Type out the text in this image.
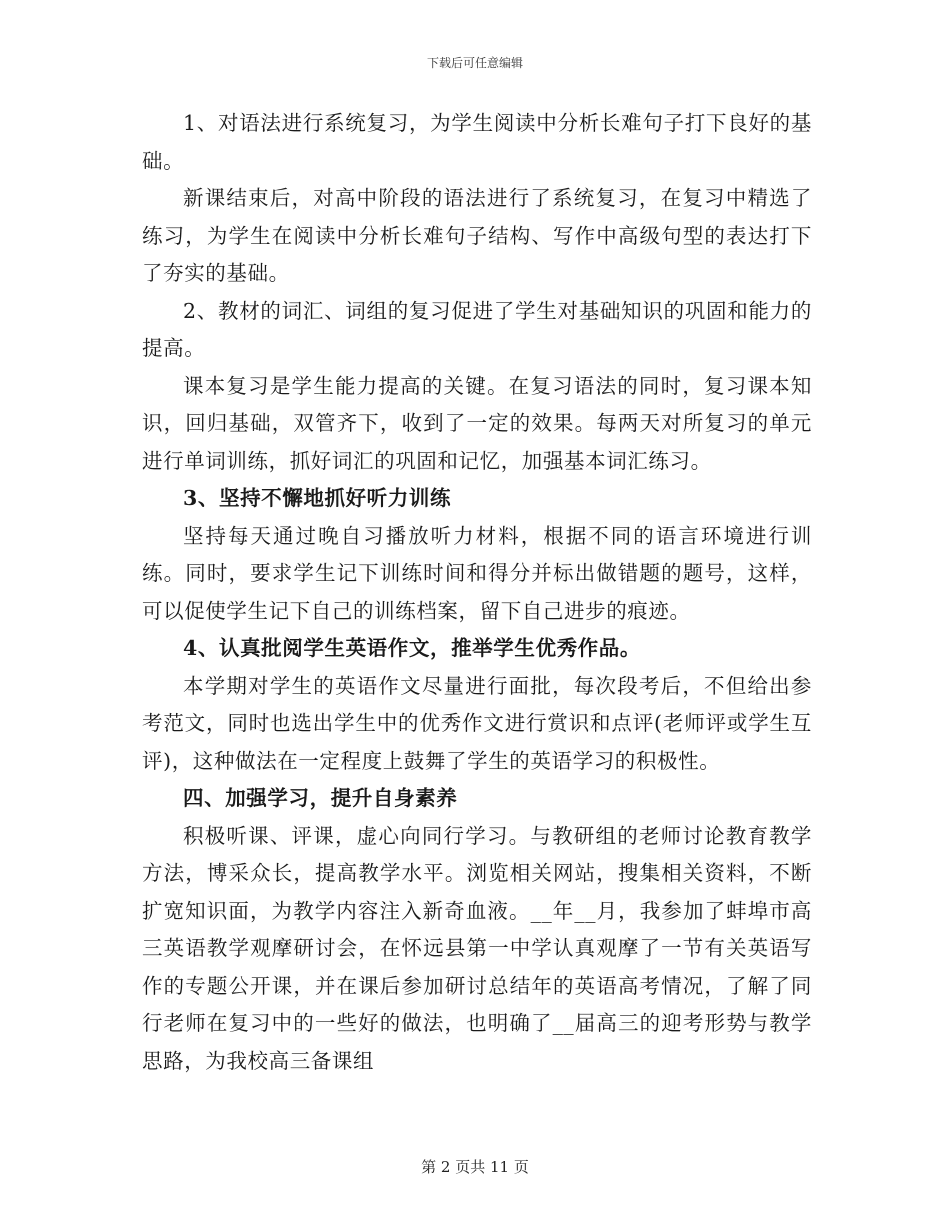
下载后可任意编辑

1、对语法进行系统复习，为学生阅读中分析长难句子打下良好的基础。

新课结束后，对高中阶段的语法进行了系统复习，在复习中精选了练习，为学生在阅读中分析长难句子结构、写作中高级句型的表达打下了夯实的基础。

2、教材的词汇、词组的复习促进了学生对基础知识的巩固和能力的提高。

课本复习是学生能力提高的关键。在复习语法的同时，复习课本知识，回归基础，双管齐下，收到了一定的效果。每两天对所复习的单元进行单词训练，抓好词汇的巩固和记忆，加强基本词汇练习。

3、坚持不懈地抓好听力训练

坚持每天通过晚自习播放听力材料，根据不同的语言环境进行训练。同时，要求学生记下训练时间和得分并标出做错题的题号，这样，可以促使学生记下自己的训练档案，留下自己进步的痕迹。

4、认真批阅学生英语作文，推举学生优秀作品。

本学期对学生的英语作文尽量进行面批，每次段考后，不但给出参考范文，同时也选出学生中的优秀作文进行赏识和点评(老师评或学生互评)，这种做法在一定程度上鼓舞了学生的英语学习的积极性。

四、加强学习，提升自身素养

积极听课、评课，虚心向同行学习。与教研组的老师讨论教育教学方法，博采众长，提高教学水平。浏览相关网站，搜集相关资料，不断扩宽知识面，为教学内容注入新奇血液。__年__月，我参加了蚌埠市高三英语教学观摩研讨会，在怀远县第一中学认真观摩了一节有关英语写作的专题公开课，并在课后参加研讨总结年的英语高考情况，了解了同行老师在复习中的一些好的做法，也明确了__届高三的迎考形势与教学思路，为我校高三备课组

第 2 页共 11 页
